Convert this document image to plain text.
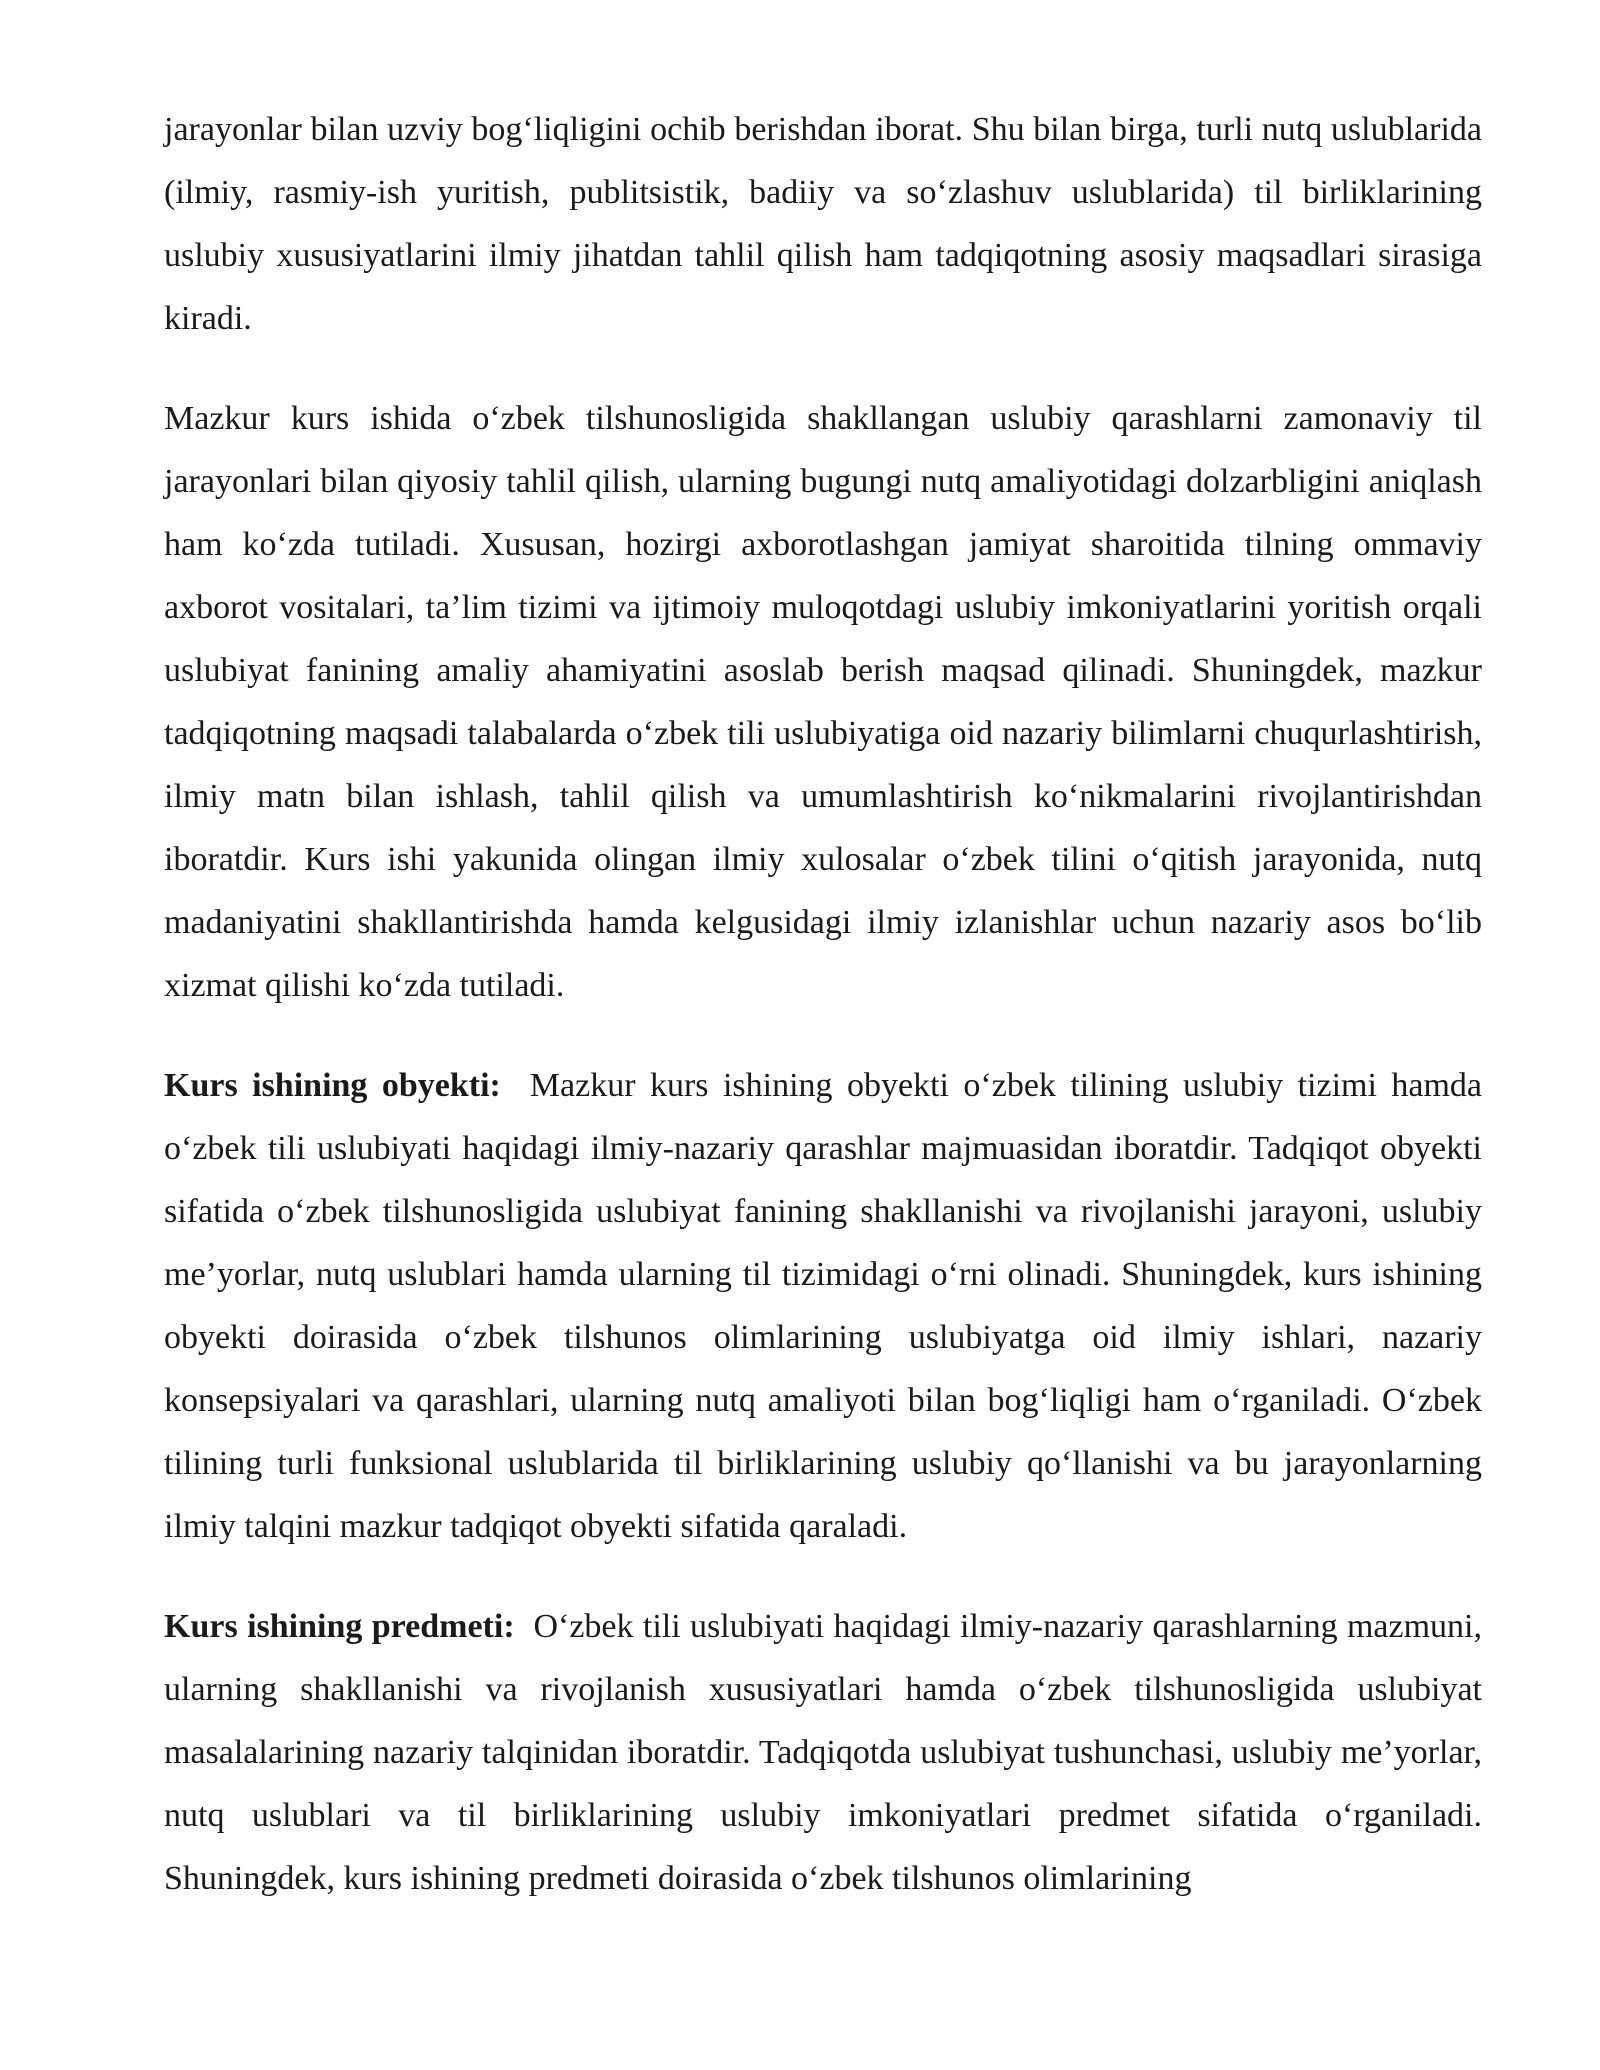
jarayonlar bilan uzviy bog‘liqligini ochib berishdan iborat. Shu bilan birga, turli nutq uslublarida (ilmiy, rasmiy-ish yuritish, publitsistik, badiiy va so‘zlashuv uslublarida) til birliklarining uslubiy xususiyatlarini ilmiy jihatdan tahlil qilish ham tadqiqotning asosiy maqsadlari sirasiga kiradi.

Mazkur kurs ishida o‘zbek tilshunosligida shakllangan uslubiy qarashlarni zamonaviy til jarayonlari bilan qiyosiy tahlil qilish, ularning bugungi nutq amaliyotidagi dolzarbligini aniqlash ham ko‘zda tutiladi. Xususan, hozirgi axborotlashgan jamiyat sharoitida tilning ommaviy axborot vositalari, ta’lim tizimi va ijtimoiy muloqotdagi uslubiy imkoniyatlarini yoritish orqali uslubiyat fanining amaliy ahamiyatini asoslab berish maqsad qilinadi. Shuningdek, mazkur tadqiqotning maqsadi talabalarda o‘zbek tili uslubiyatiga oid nazariy bilimlarni chuqurlashtirish, ilmiy matn bilan ishlash, tahlil qilish va umumlashtirish ko‘nikmalarini rivojlantirishdan iboratdir. Kurs ishi yakunida olingan ilmiy xulosalar o‘zbek tilini o‘qitish jarayonida, nutq madaniyatini shakllantirishda hamda kelgusidagi ilmiy izlanishlar uchun nazariy asos bo‘lib xizmat qilishi ko‘zda tutiladi.

Kurs ishining obyekti: Mazkur kurs ishining obyekti o‘zbek tilining uslubiy tizimi hamda o‘zbek tili uslubiyati haqidagi ilmiy-nazariy qarashlar majmuasidan iboratdir. Tadqiqot obyekti sifatida o‘zbek tilshunosligida uslubiyat fanining shakllanishi va rivojlanishi jarayoni, uslubiy me’yorlar, nutq uslublari hamda ularning til tizimidagi o‘rni olinadi. Shuningdek, kurs ishining obyekti doirasida o‘zbek tilshunos olimlarining uslubiyatga oid ilmiy ishlari, nazariy konsepsiyalari va qarashlari, ularning nutq amaliyoti bilan bog‘liqligi ham o‘rganiladi. O‘zbek tilining turli funksional uslublarida til birliklarining uslubiy qo‘llanishi va bu jarayonlarning ilmiy talqini mazkur tadqiqot obyekti sifatida qaraladi.

Kurs ishining predmeti: O‘zbek tili uslubiyati haqidagi ilmiy-nazariy qarashlarning mazmuni, ularning shakllanishi va rivojlanish xususiyatlari hamda o‘zbek tilshunosligida uslubiyat masalalarining nazariy talqinidan iboratdir. Tadqiqotda uslubiyat tushunchasi, uslubiy me’yorlar, nutq uslublari va til birliklarining uslubiy imkoniyatlari predmet sifatida o‘rganiladi. Shuningdek, kurs ishining predmeti doirasida o‘zbek tilshunos olimlarining
